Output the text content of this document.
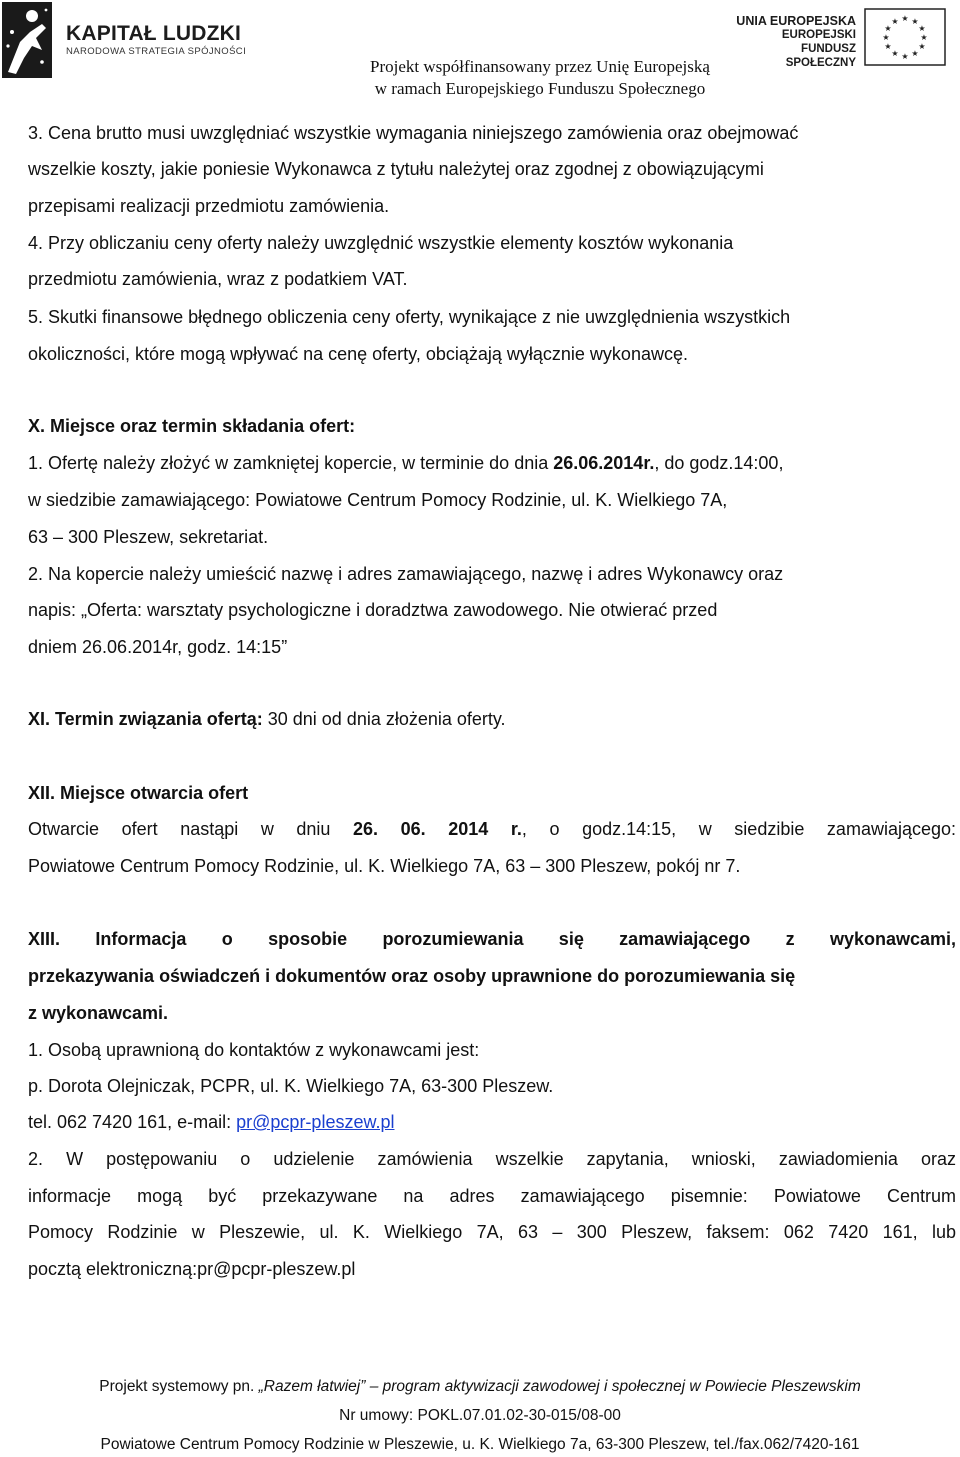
KAPITAŁ LUDZKI
NARODOWA STRATEGIA SPÓJNOŚCI
UNIA EUROPEJSKA
EUROPEJSKI
FUNDUSZ SPOŁECZNY
★ ★
★
★
★
★
★
★
★
★
★
★
Projekt współfinansowany przez Unię Europejską
w ramach Europejskiego Funduszu Społecznego
3. Cena brutto musi uwzględniać wszystkie wymagania niniejszego zamówienia oraz obejmować
wszelkie koszty, jakie poniesie Wykonawca z tytułu należytej oraz zgodnej z obowiązującymi
przepisami realizacji przedmiotu zamówienia.
4. Przy obliczaniu ceny oferty należy uwzględnić wszystkie elementy kosztów wykonania
przedmiotu zamówienia, wraz z podatkiem VAT.
5. Skutki finansowe błędnego obliczenia ceny oferty, wynikające z nie uwzględnienia wszystkich
okoliczności, które mogą wpływać na cenę oferty, obciążają wyłącznie wykonawcę.
X. Miejsce oraz termin składania ofert:
1. Ofertę należy złożyć w zamkniętej kopercie, w terminie do dnia 26.06.2014r., do godz.14:00,
w siedzibie zamawiającego: Powiatowe Centrum Pomocy Rodzinie, ul. K. Wielkiego 7A,
63 – 300 Pleszew, sekretariat.
2. Na kopercie należy umieścić nazwę i adres zamawiającego, nazwę i adres Wykonawcy oraz
napis: „Oferta: warsztaty psychologiczne i doradztwa zawodowego. Nie otwierać przed
dniem 26.06.2014r, godz. 14:15”
XI. Termin związania ofertą: 30 dni od dnia złożenia oferty.
XII. Miejsce otwarcia ofert
Otwarcie ofert nastąpi w dniu 26. 06. 2014 r., o godz.14:15, w siedzibie zamawiającego:
Powiatowe Centrum Pomocy Rodzinie, ul. K. Wielkiego 7A, 63 – 300 Pleszew, pokój nr 7.
XIII. Informacja o sposobie porozumiewania się zamawiającego z wykonawcami,
przekazywania oświadczeń i dokumentów oraz osoby uprawnione do porozumiewania się
z wykonawcami.
1. Osobą uprawnioną do kontaktów z wykonawcami jest:
p. Dorota Olejniczak, PCPR, ul. K. Wielkiego 7A, 63-300 Pleszew.
tel. 062 7420 161, e-mail: pr@pcpr-pleszew.pl
2. W postępowaniu o udzielenie zamówienia wszelkie zapytania, wnioski, zawiadomienia oraz
informacje mogą być przekazywane na adres zamawiającego pisemnie: Powiatowe Centrum
Pomocy Rodzinie w Pleszewie, ul. K. Wielkiego 7A, 63 – 300 Pleszew, faksem: 062 7420 161, lub
pocztą elektroniczną:pr@pcpr-pleszew.pl
Projekt systemowy pn. „Razem łatwiej” – program aktywizacji zawodowej i społecznej w Powiecie Pleszewskim
Nr umowy: POKL.07.01.02-30-015/08-00
Powiatowe Centrum Pomocy Rodzinie w Pleszewie, u. K. Wielkiego 7a, 63-300 Pleszew, tel./fax.062/7420-161
